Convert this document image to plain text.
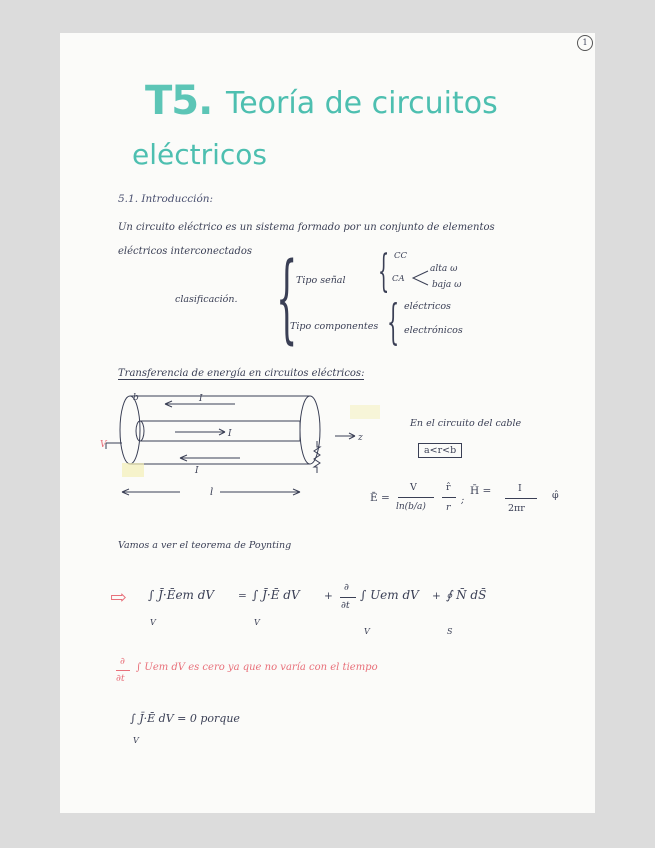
1
T5. Teoría de circuitos
eléctricos
5.1. Introducción:
Un circuito eléctrico es un sistema formado por un conjunto de elementos
eléctricos interconectados
clasificación. {
Tipo señal { CC
CA
alta ω
baja ω
Tipo componentes { eléctricos
electrónicos
Transferencia de energía en circuitos eléctricos:
b	I
I	z
V
I
l
En el circuito del cable
a<r<b
Ē =
V
ln(b/a)
r̂
r
;
H̄ =	I
2πr
φ̂
Vamos a ver el teorema de Poynting
⇨ ∫ J̄·Ēem dV = ∫ J̄·Ē dV +
∂
∂t
∫ Uem dV + ∮ N̄ dS̄
V	V
V	S
∂
∂t
∫ Uem dV es cero ya que no varía con el tiempo
∫ J̄·Ē dV = 0 porque
V
